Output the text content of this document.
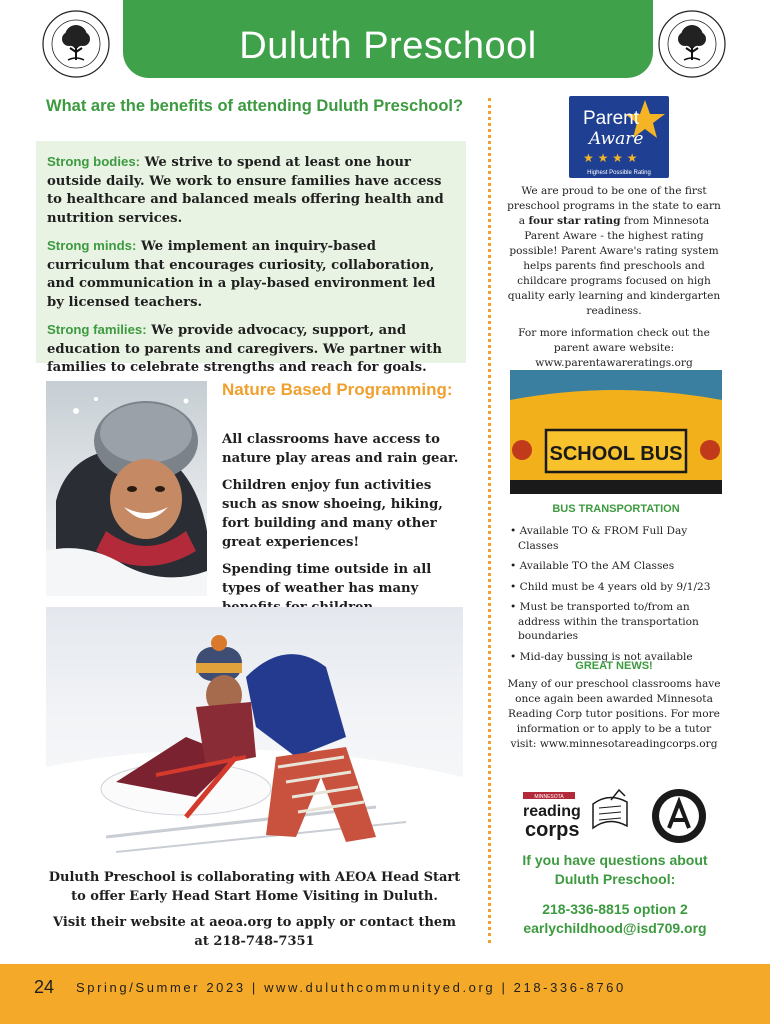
Duluth Preschool
What are the benefits of attending Duluth Preschool?

Strong bodies: We strive to spend at least one hour outside daily. We work to ensure families have access to healthcare and balanced meals offering health and nutrition services.

Strong minds: We implement an inquiry-based curriculum that encourages curiosity, collaboration, and communication in a play-based environment led by licensed teachers.

Strong families: We provide advocacy, support, and education to parents and caregivers. We partner with families to celebrate strengths and reach for goals.

Nature Based Programming:

All classrooms have access to nature play areas and rain gear.

Children enjoy fun activities such as snow shoeing, hiking, fort building and many other great experiences!

Spending time outside in all types of weather has many

Duluth Preschool is collaborating with AEOA Head Start to offer Early Head Start Home Visiting in Duluth.

Visit their website at aeoa.org to apply or contact them at 218-748-7351

Parent
Aware
★ ★ ★ ★
Highest Possible Rating

We are proud to be one of the first preschool programs in the state to earn a four star rating from Minnesota Parent Aware - the highest rating possible! Parent Aware's rating system helps parents find preschools and childcare programs focused on high quality early learning and kindergarten readiness.

For more information check out the parent aware website: www.parentawareratings.org

SCHOOL BUS
BUS TRANSPORTATION
• Available TO & FROM Full Day Classes
• Available TO the AM Classes
• Child must be 4 years old by 9/1/23
• Must be transported to/from an address within the transportation boundaries
• Mid-day bussing is not available
GREAT NEWS!

Many of our preschool classrooms have once again been awarded Minnesota Reading Corp tutor positions. For more information or to apply to be a tutor visit: www.minnesotareadingcorps.org

MINNESOTA
reading
corps
If you have questions about
Duluth Preschool:
218-336-8815 option 2
earlychildhood@isd709.org
24 Spring/Summer 2023 | www.duluthcommunityed.org | 218-336-8760
